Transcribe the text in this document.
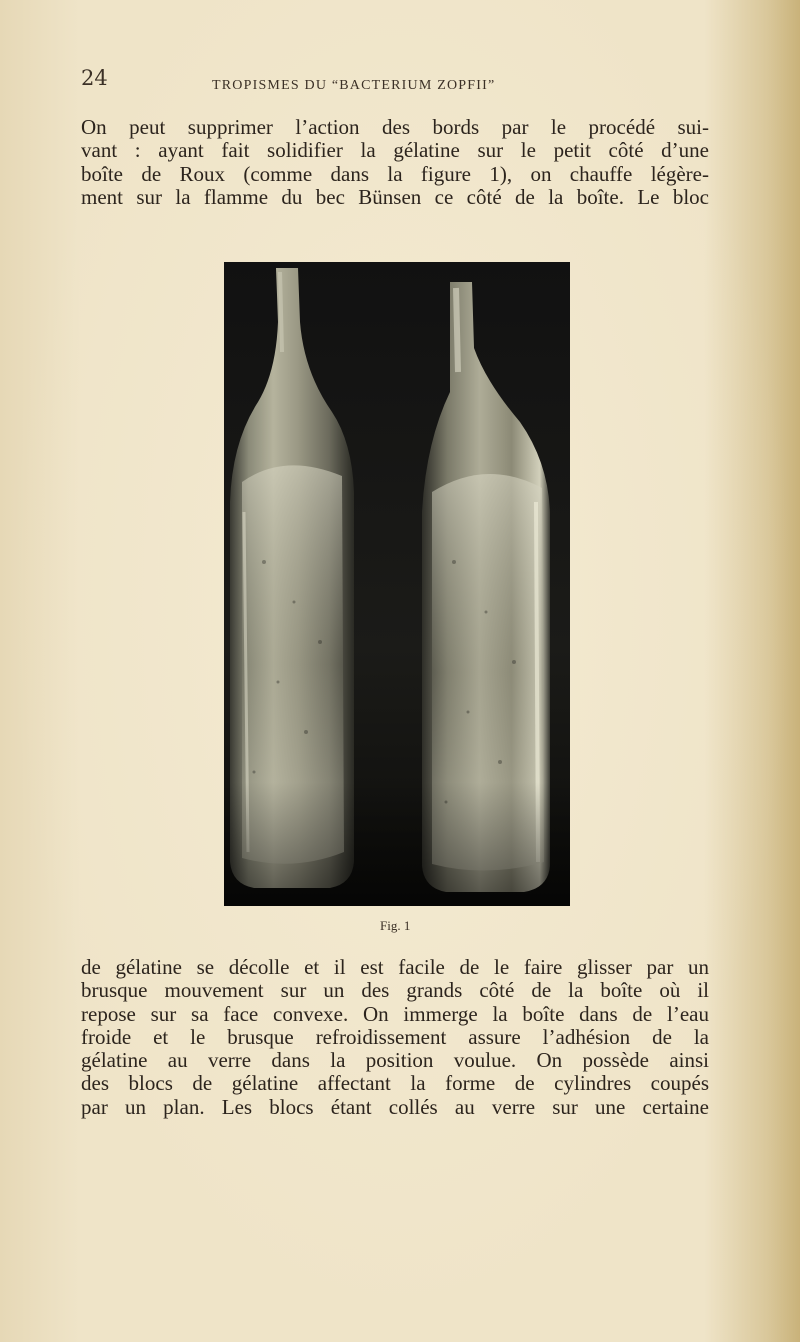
24	TROPISMES DU “BACTERIUM ZOPFII”

On peut supprimer l’action des bords par le procédé sui-
vant : ayant fait solidifier la gélatine sur le petit côté d’une
boîte de Roux (comme dans la figure 1), on chauffe légère-
ment sur la flamme du bec Bünsen ce côté de la boîte. Le bloc

Fig. 1

de gélatine se décolle et il est facile de le faire glisser par un
brusque mouvement sur un des grands côté de la boîte où il
repose sur sa face convexe. On immerge la boîte dans de l’eau
froide et le brusque refroidissement assure l’adhésion de la
gélatine au verre dans la position voulue. On possède ainsi
des blocs de gélatine affectant la forme de cylindres coupés
par un plan. Les blocs étant collés au verre sur une certaine
